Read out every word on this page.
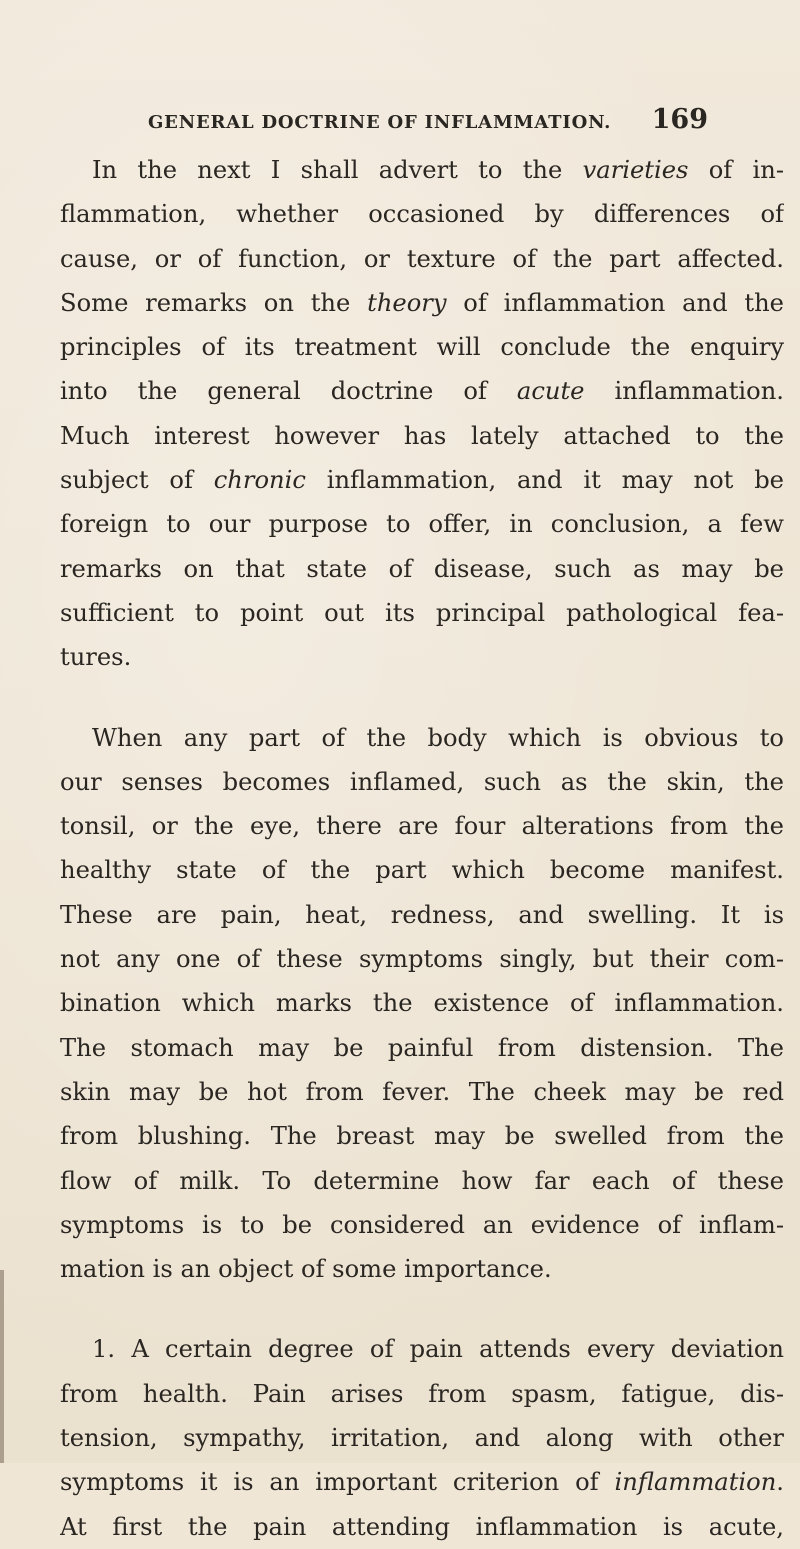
GENERAL DOCTRINE OF INFLAMMATION. 169
In the next I shall advert to the varieties of in-
flammation, whether occasioned by differences of
cause, or of function, or texture of the part affected.
Some remarks on the theory of inflammation and the
principles of its treatment will conclude the enquiry
into the general doctrine of acute inflammation.
Much interest however has lately attached to the
subject of chronic inflammation, and it may not be
foreign to our purpose to offer, in conclusion, a few
remarks on that state of disease, such as may be
sufficient to point out its principal pathological fea-
tures.
When any part of the body which is obvious to
our senses becomes inflamed, such as the skin, the
tonsil, or the eye, there are four alterations from the
healthy state of the part which become manifest.
These are pain, heat, redness, and swelling. It is
not any one of these symptoms singly, but their com-
bination which marks the existence of inflammation.
The stomach may be painful from distension. The
skin may be hot from fever. The cheek may be red
from blushing. The breast may be swelled from the
flow of milk. To determine how far each of these
symptoms is to be considered an evidence of inflam-
mation is an object of some importance.
1. A certain degree of pain attends every deviation
from health. Pain arises from spasm, fatigue, dis-
tension, sympathy, irritation, and along with other
symptoms it is an important criterion of inflammation.
At first the pain attending inflammation is acute,
